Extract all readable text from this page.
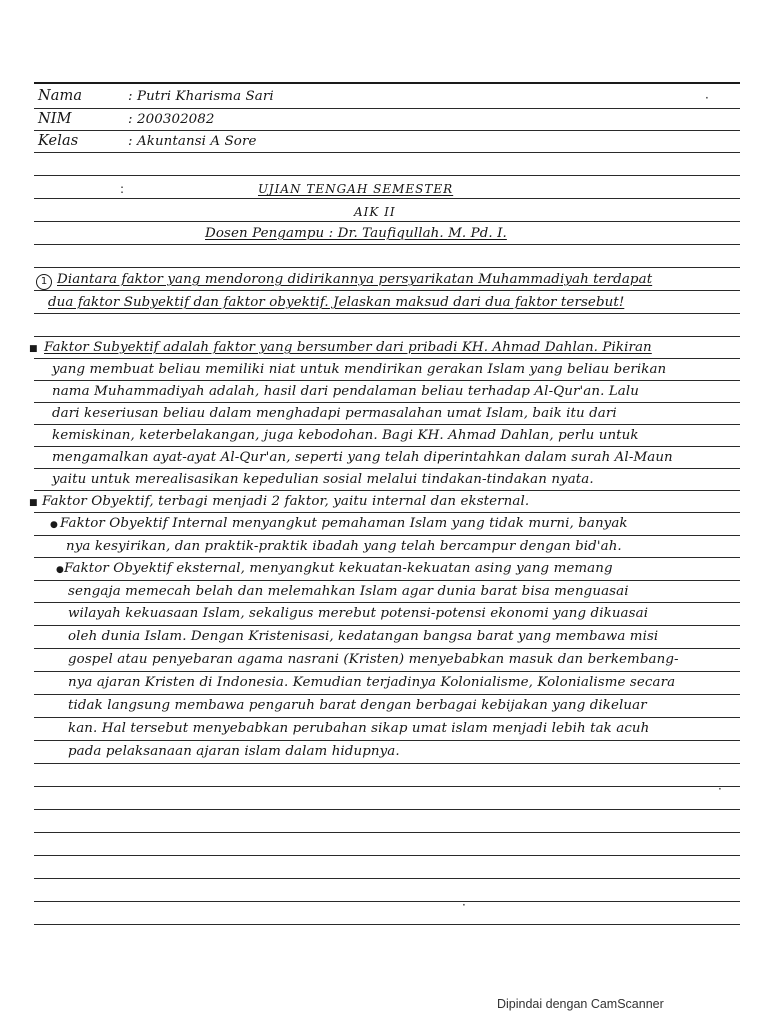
·
:
·
·
Nama	: Putri Kharisma Sari
NIM	: 200302082
Kelas	: Akuntansi A Sore
UJIAN TENGAH SEMESTER
AIK II
Dosen Pengampu : Dr. Taufiqullah. M. Pd. I.
1 Diantara faktor yang mendorong didirikannya persyarikatan Muhammadiyah terdapat
dua faktor Subyektif dan faktor obyektif. Jelaskan maksud dari dua faktor tersebut!
■
■
●
●
Faktor Subyektif adalah faktor yang bersumber dari pribadi KH. Ahmad Dahlan. Pikiran
yang membuat beliau memiliki niat untuk mendirikan gerakan Islam yang beliau berikan
nama Muhammadiyah adalah, hasil dari pendalaman beliau terhadap Al-Qur'an. Lalu
dari keseriusan beliau dalam menghadapi permasalahan umat Islam, baik itu dari
kemiskinan, keterbelakangan, juga kebodohan. Bagi KH. Ahmad Dahlan, perlu untuk
mengamalkan ayat-ayat Al-Qur'an, seperti yang telah diperintahkan dalam surah Al-Maun
yaitu untuk merealisasikan kepedulian sosial melalui tindakan-tindakan nyata.
Faktor Obyektif, terbagi menjadi 2 faktor, yaitu internal dan eksternal.
Faktor Obyektif Internal menyangkut pemahaman Islam yang tidak murni, banyak
nya kesyirikan, dan praktik-praktik ibadah yang telah bercampur dengan bid'ah.
Faktor Obyektif eksternal, menyangkut kekuatan-kekuatan asing yang memang
sengaja memecah belah dan melemahkan Islam agar dunia barat bisa menguasai
wilayah kekuasaan Islam, sekaligus merebut potensi-potensi ekonomi yang dikuasai
oleh dunia Islam. Dengan Kristenisasi, kedatangan bangsa barat yang membawa misi
gospel atau penyebaran agama nasrani (Kristen) menyebabkan masuk dan berkembang-
nya ajaran Kristen di Indonesia. Kemudian terjadinya Kolonialisme, Kolonialisme secara
tidak langsung membawa pengaruh barat dengan berbagai kebijakan yang dikeluar
kan. Hal tersebut menyebabkan perubahan sikap umat islam menjadi lebih tak acuh
pada pelaksanaan ajaran islam dalam hidupnya.
Dipindai dengan CamScanner
